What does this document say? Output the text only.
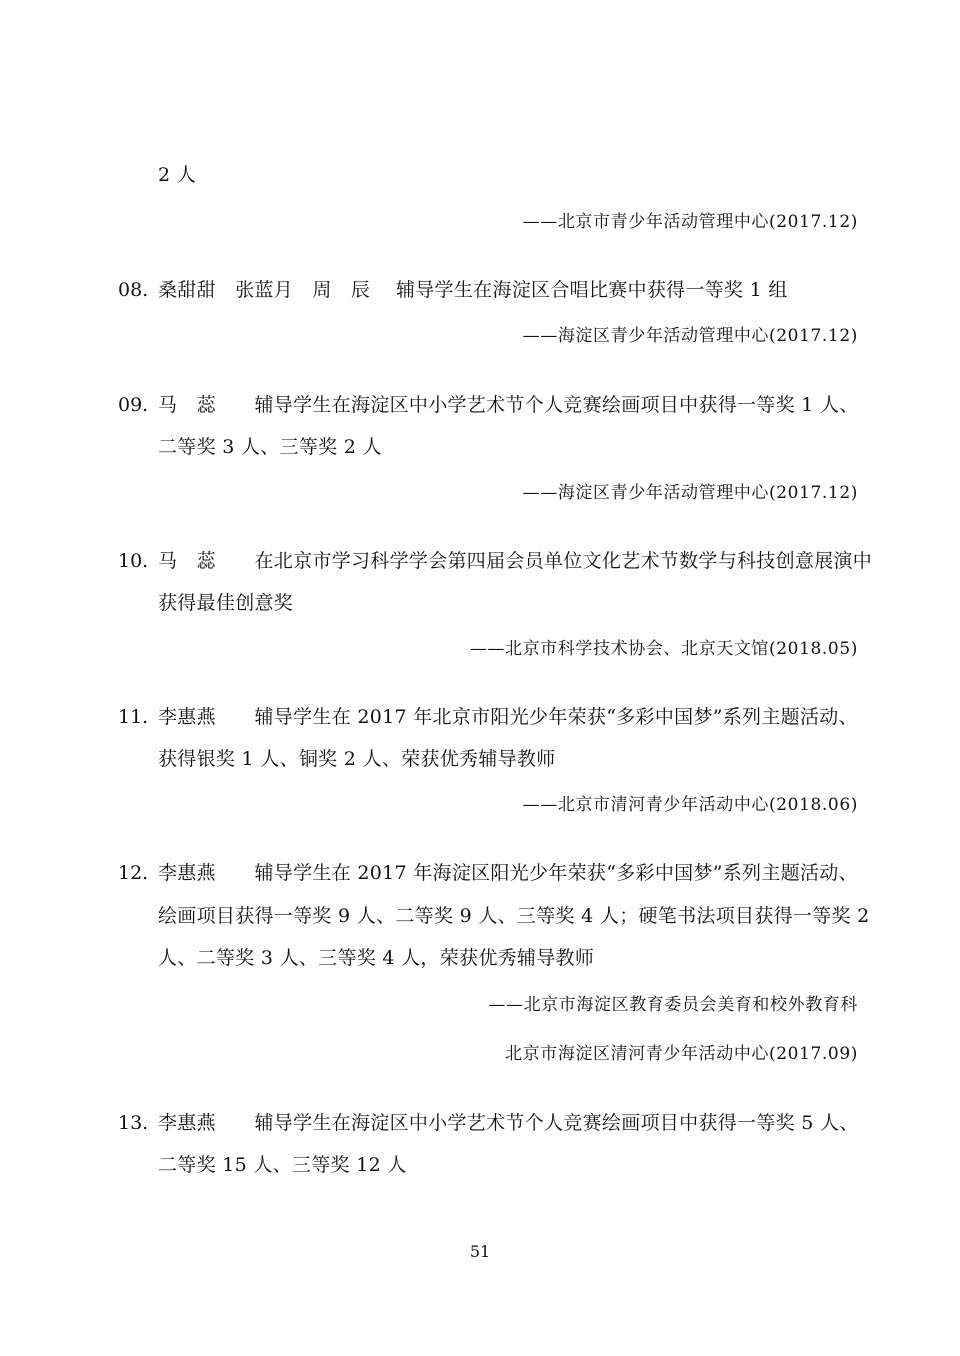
2 人
——北京市青少年活动管理中心(2017.12)
08. 桑甜甜　张蓝月　周　辰　 辅导学生在海淀区合唱比赛中获得一等奖 1 组
——海淀区青少年活动管理中心(2017.12)
09. 马　蕊　　辅导学生在海淀区中小学艺术节个人竞赛绘画项目中获得一等奖 1 人、
二等奖 3 人、三等奖 2 人
——海淀区青少年活动管理中心(2017.12)
10. 马　蕊　　在北京市学习科学学会第四届会员单位文化艺术节数学与科技创意展演中
获得最佳创意奖
——北京市科学技术协会、北京天文馆(2018.05)
11. 李惠燕　　辅导学生在 2017 年北京市阳光少年荣获“多彩中国梦”系列主题活动、
获得银奖 1 人、铜奖 2 人、荣获优秀辅导教师
——北京市清河青少年活动中心(2018.06)
12. 李惠燕　　辅导学生在 2017 年海淀区阳光少年荣获“多彩中国梦”系列主题活动、
绘画项目获得一等奖 9 人、二等奖 9 人、三等奖 4 人；硬笔书法项目获得一等奖 2
人、二等奖 3 人、三等奖 4 人，荣获优秀辅导教师
——北京市海淀区教育委员会美育和校外教育科
北京市海淀区清河青少年活动中心(2017.09)
13. 李惠燕　　辅导学生在海淀区中小学艺术节个人竞赛绘画项目中获得一等奖 5 人、
二等奖 15 人、三等奖 12 人
51
